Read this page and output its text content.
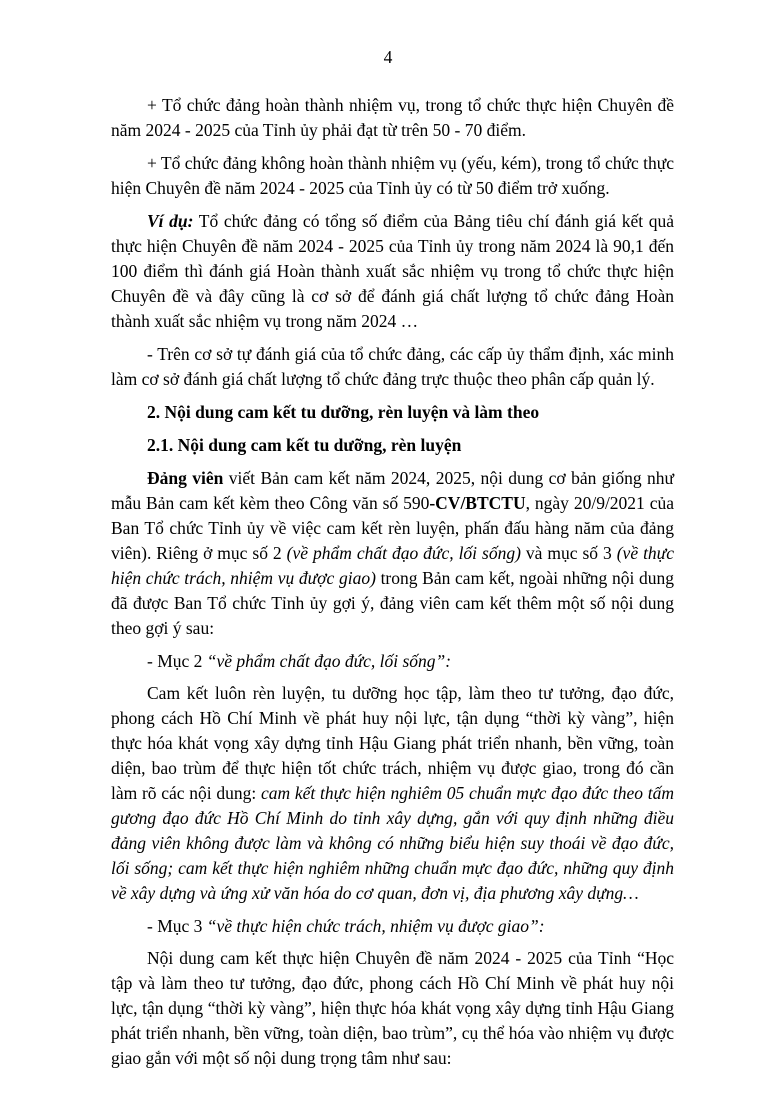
4

+ Tổ chức đảng hoàn thành nhiệm vụ, trong tổ chức thực hiện Chuyên đề năm 2024 - 2025 của Tỉnh ủy phải đạt từ trên 50 - 70 điểm.

+ Tổ chức đảng không hoàn thành nhiệm vụ (yếu, kém), trong tổ chức thực hiện Chuyên đề năm 2024 - 2025 của Tỉnh ủy có từ 50 điểm trở xuống.

Ví dụ: Tổ chức đảng có tổng số điểm của Bảng tiêu chí đánh giá kết quả thực hiện Chuyên đề năm 2024 - 2025 của Tỉnh ủy trong năm 2024 là 90,1 đến 100 điểm thì đánh giá Hoàn thành xuất sắc nhiệm vụ trong tổ chức thực hiện Chuyên đề và đây cũng là cơ sở để đánh giá chất lượng tổ chức đảng Hoàn thành xuất sắc nhiệm vụ trong năm 2024 …

- Trên cơ sở tự đánh giá của tổ chức đảng, các cấp ủy thẩm định, xác minh làm cơ sở đánh giá chất lượng tổ chức đảng trực thuộc theo phân cấp quản lý.

2. Nội dung cam kết tu dưỡng, rèn luyện và làm theo

2.1. Nội dung cam kết tu dưỡng, rèn luyện

Đảng viên viết Bản cam kết năm 2024, 2025, nội dung cơ bản giống như mẫu Bản cam kết kèm theo Công văn số 590-CV/BTCTU, ngày 20/9/2021 của Ban Tổ chức Tỉnh ủy về việc cam kết rèn luyện, phấn đấu hàng năm của đảng viên). Riêng ở mục số 2 (về phẩm chất đạo đức, lối sống) và mục số 3 (về thực hiện chức trách, nhiệm vụ được giao) trong Bản cam kết, ngoài những nội dung đã được Ban Tổ chức Tỉnh ủy gợi ý, đảng viên cam kết thêm một số nội dung theo gợi ý sau:

- Mục 2 “về phẩm chất đạo đức, lối sống”:

Cam kết luôn rèn luyện, tu dưỡng học tập, làm theo tư tưởng, đạo đức, phong cách Hồ Chí Minh về phát huy nội lực, tận dụng “thời kỳ vàng”, hiện thực hóa khát vọng xây dựng tỉnh Hậu Giang phát triển nhanh, bền vững, toàn diện, bao trùm để thực hiện tốt chức trách, nhiệm vụ được giao, trong đó cần làm rõ các nội dung: cam kết thực hiện nghiêm 05 chuẩn mực đạo đức theo tấm gương đạo đức Hồ Chí Minh do tỉnh xây dựng, gắn với quy định những điều đảng viên không được làm và không có những biểu hiện suy thoái về đạo đức, lối sống; cam kết thực hiện nghiêm những chuẩn mực đạo đức, những quy định về xây dựng và ứng xử văn hóa do cơ quan, đơn vị, địa phương xây dựng…

- Mục 3 “về thực hiện chức trách, nhiệm vụ được giao”:

Nội dung cam kết thực hiện Chuyên đề năm 2024 - 2025 của Tỉnh “Học tập và làm theo tư tưởng, đạo đức, phong cách Hồ Chí Minh về phát huy nội lực, tận dụng “thời kỳ vàng”, hiện thực hóa khát vọng xây dựng tỉnh Hậu Giang phát triển nhanh, bền vững, toàn diện, bao trùm”, cụ thể hóa vào nhiệm vụ được giao gắn với một số nội dung trọng tâm như sau:
